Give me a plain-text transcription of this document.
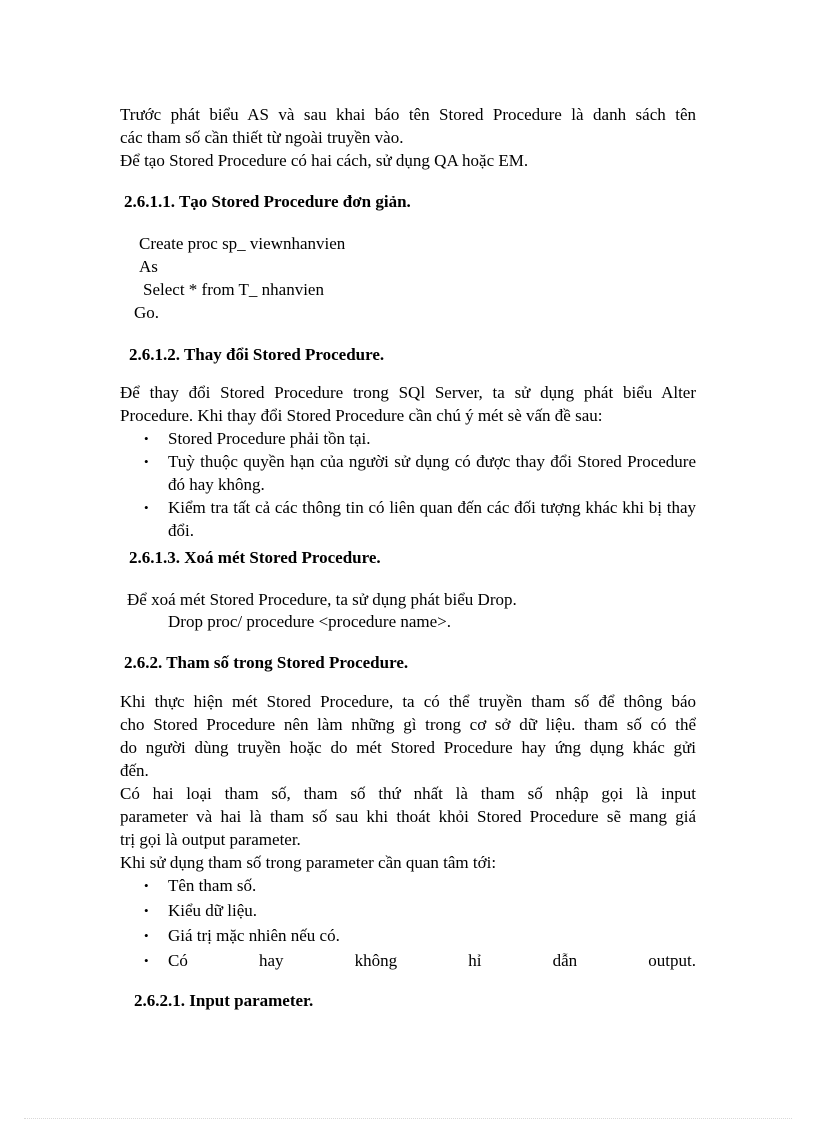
Trước phát biểu AS và sau khai báo tên Stored Procedure là danh sách tên
các tham số cần thiết từ ngoài truyền vào.
Để tạo Stored Procedure có hai cách, sử dụng QA hoặc EM.

2.6.1.1. Tạo Stored Procedure đơn giản.

Create proc sp_ viewnhanvien

As

Select * from T_ nhanvien

Go.

2.6.1.2. Thay đổi Stored Procedure.

Để thay đổi Stored Procedure trong SQl Server, ta sử dụng phát biểu Alter
Procedure. Khi thay đổi Stored Procedure cần chú ý mét sè vấn đề sau:
• Stored Procedure phải tồn tại.
• Tuỳ thuộc quyền hạn của người sử dụng có được thay đổi Stored Procedure đó hay không.
• Kiểm tra tất cả các thông tin có liên quan đến các đối tượng khác khi bị thay đổi.

2.6.1.3. Xoá mét Stored Procedure.

Để xoá mét Stored Procedure, ta sử dụng phát biểu Drop.

Drop proc/ procedure <procedure name>.

2.6.2. Tham số trong Stored Procedure.

Khi thực hiện mét Stored Procedure, ta có thể truyền tham số để thông báo
cho Stored Procedure nên làm những gì trong cơ sở dữ liệu. tham số có thể
do người dùng truyền hoặc do mét Stored Procedure hay ứng dụng khác gửi
đến.
Có hai loại tham số, tham số thứ nhất là tham số nhập gọi là input
parameter và hai là tham số sau khi thoát khỏi Stored Procedure sẽ mang giá
trị gọi là output parameter.

Khi sử dụng tham số trong parameter cần quan tâm tới:

• Tên tham số.
• Kiểu dữ liệu.
• Giá trị mặc nhiên nếu có.
• Có	hay	không	hỉ	dẫn	output.

2.6.2.1. Input parameter.
